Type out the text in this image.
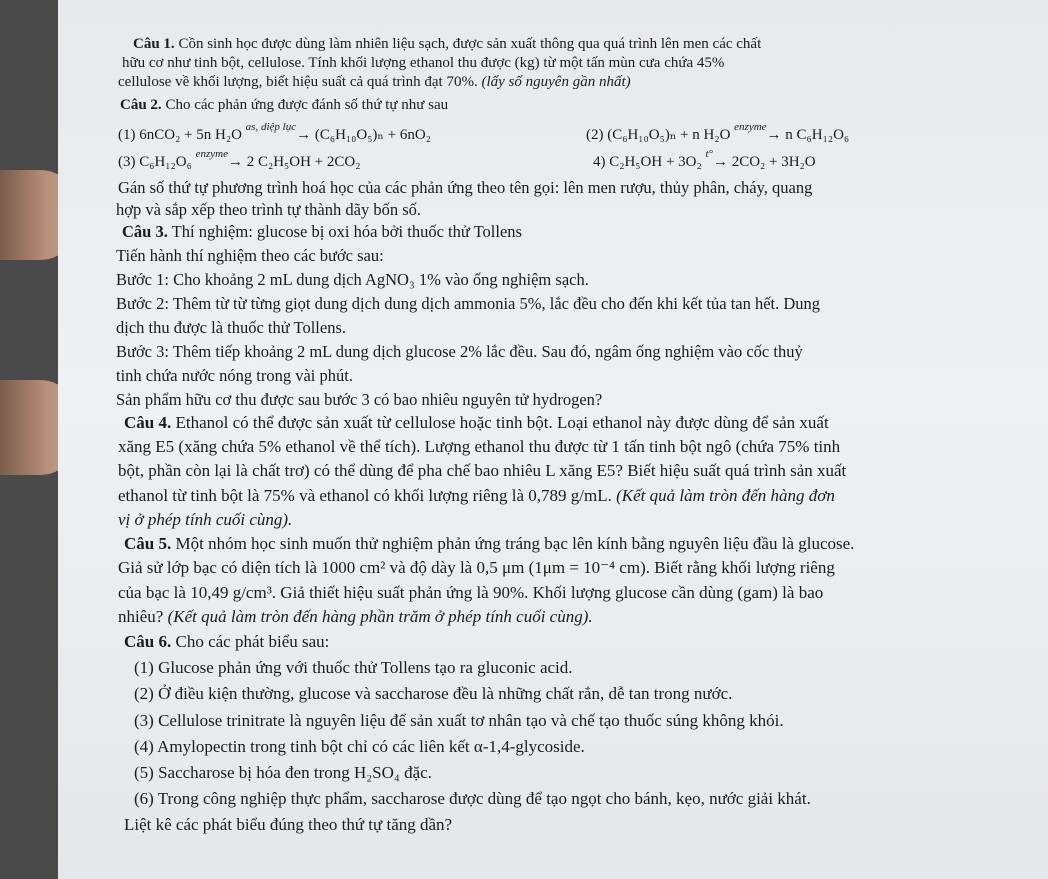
Câu 1. Cồn sinh học được dùng làm nhiên liệu sạch, được sản xuất thông qua quá trình lên men các chất
hữu cơ như tinh bột, cellulose. Tính khối lượng ethanol thu được (kg) từ một tấn mùn cưa chứa 45%
cellulose về khối lượng, biết hiệu suất cả quá trình đạt 70%. (lấy số nguyên gần nhất)
Câu 2. Cho các phản ứng được đánh số thứ tự như sau
(1) 6nCO₂ + 5n H₂O $^{as, diệp lục}$→ (C₆H₁₀O₅)ₙ + 6nO₂	(2) (C₆H₁₀O₅)ₙ + n H₂O $^{enzyme}$→ n C₆H₁₂O₆
(3) C₆H₁₂O₆ $^{enzyme}$→ 2 C₂H₅OH + 2CO₂	4) C₂H₅OH + 3O₂ $^{t^\circ}$→ 2CO₂ + 3H₂O
Gán số thứ tự phương trình hoá học của các phản ứng theo tên gọi: lên men rượu, thủy phân, cháy, quang
hợp và sắp xếp theo trình tự thành dãy bốn số.
Câu 3. Thí nghiệm: glucose bị oxi hóa bởi thuốc thử Tollens
Tiến hành thí nghiệm theo các bước sau:
Bước 1: Cho khoảng 2 mL dung dịch AgNO₃ 1% vào ống nghiệm sạch.
Bước 2: Thêm từ từ từng giọt dung dịch dung dịch ammonia 5%, lắc đều cho đến khi kết tủa tan hết. Dung
dịch thu được là thuốc thử Tollens.
Bước 3: Thêm tiếp khoảng 2 mL dung dịch glucose 2% lắc đều. Sau đó, ngâm ống nghiệm vào cốc thuỷ
tinh chứa nước nóng trong vài phút.
Sản phẩm hữu cơ thu được sau bước 3 có bao nhiêu nguyên tử hydrogen?
Câu 4. Ethanol có thể được sản xuất từ cellulose hoặc tinh bột. Loại ethanol này được dùng để sản xuất
xăng E5 (xăng chứa 5% ethanol về thể tích). Lượng ethanol thu được từ 1 tấn tinh bột ngô (chứa 75% tinh
bột, phần còn lại là chất trơ) có thể dùng để pha chế bao nhiêu L xăng E5? Biết hiệu suất quá trình sản xuất
ethanol từ tinh bột là 75% và ethanol có khối lượng riêng là 0,789 g/mL. (Kết quả làm tròn đến hàng đơn
vị ở phép tính cuối cùng).
Câu 5. Một nhóm học sinh muốn thử nghiệm phản ứng tráng bạc lên kính bằng nguyên liệu đầu là glucose.
Giả sử lớp bạc có diện tích là 1000 cm² và độ dày là 0,5 μm (1μm = 10⁻⁴ cm). Biết rằng khối lượng riêng
của bạc là 10,49 g/cm³. Giả thiết hiệu suất phản ứng là 90%. Khối lượng glucose cần dùng (gam) là bao
nhiêu? (Kết quả làm tròn đến hàng phần trăm ở phép tính cuối cùng).
Câu 6. Cho các phát biểu sau:
(1) Glucose phản ứng với thuốc thử Tollens tạo ra gluconic acid.
(2) Ở điều kiện thường, glucose và saccharose đều là những chất rắn, dễ tan trong nước.
(3) Cellulose trinitrate là nguyên liệu để sản xuất tơ nhân tạo và chế tạo thuốc súng không khói.
(4) Amylopectin trong tinh bột chỉ có các liên kết α-1,4-glycoside.
(5) Saccharose bị hóa đen trong H₂SO₄ đặc.
(6) Trong công nghiệp thực phẩm, saccharose được dùng để tạo ngọt cho bánh, kẹo, nước giải khát.
Liệt kê các phát biểu đúng theo thứ tự tăng dần?
